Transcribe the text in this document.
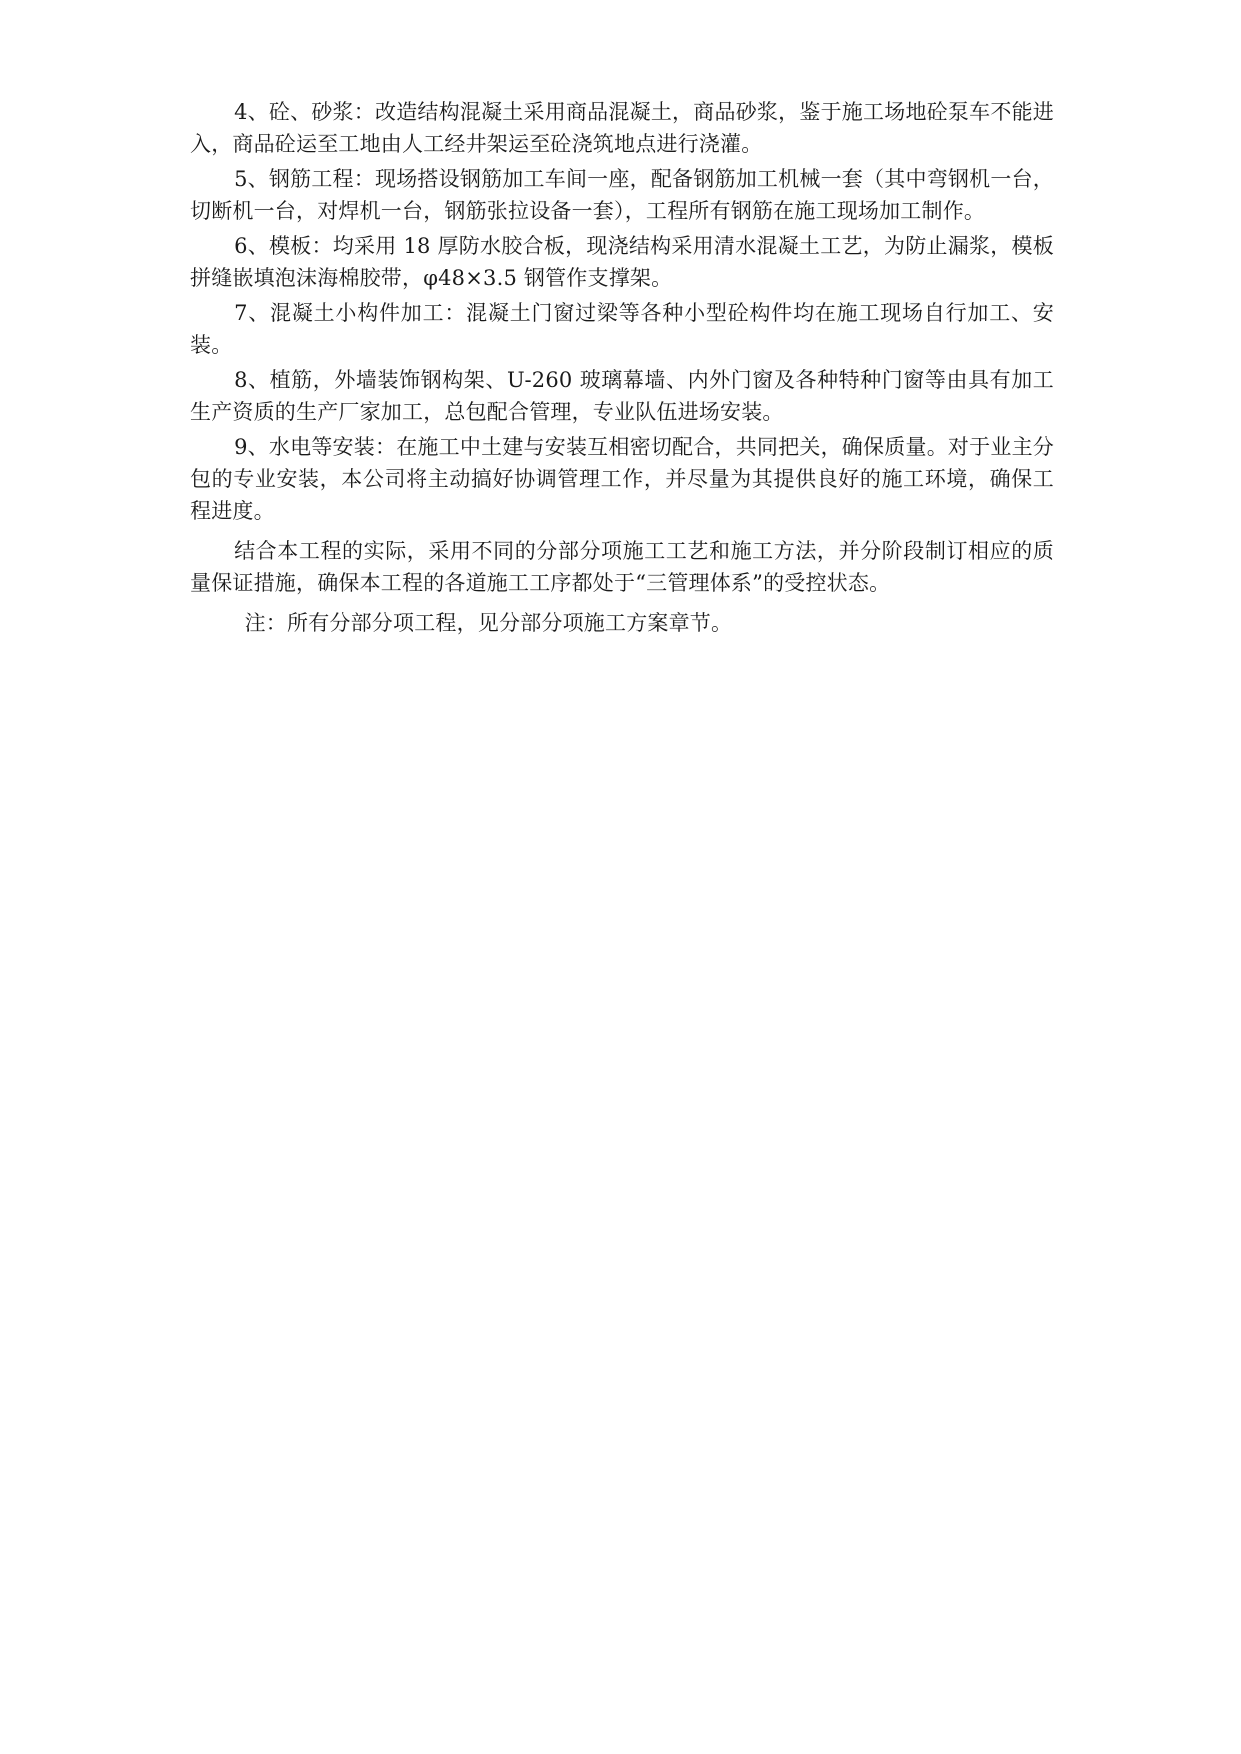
4、砼、砂浆：改造结构混凝土采用商品混凝土，商品砂浆，鉴于施工场地砼泵车不能进入，商品砼运至工地由人工经井架运至砼浇筑地点进行浇灌。

5、钢筋工程：现场搭设钢筋加工车间一座，配备钢筋加工机械一套（其中弯钢机一台，切断机一台，对焊机一台，钢筋张拉设备一套），工程所有钢筋在施工现场加工制作。

6、模板：均采用 18 厚防水胶合板，现浇结构采用清水混凝土工艺，为防止漏浆，模板拼缝嵌填泡沫海棉胶带，φ48×3.5 钢管作支撑架。

7、混凝土小构件加工：混凝土门窗过梁等各种小型砼构件均在施工现场自行加工、安装。

8、植筋，外墙装饰钢构架、U-260 玻璃幕墙、内外门窗及各种特种门窗等由具有加工生产资质的生产厂家加工，总包配合管理，专业队伍进场安装。

9、水电等安装：在施工中土建与安装互相密切配合，共同把关，确保质量。对于业主分包的专业安装，本公司将主动搞好协调管理工作，并尽量为其提供良好的施工环境，确保工程进度。

结合本工程的实际，采用不同的分部分项施工工艺和施工方法，并分阶段制订相应的质量保证措施，确保本工程的各道施工工序都处于“三管理体系”的受控状态。

注：所有分部分项工程，见分部分项施工方案章节。
